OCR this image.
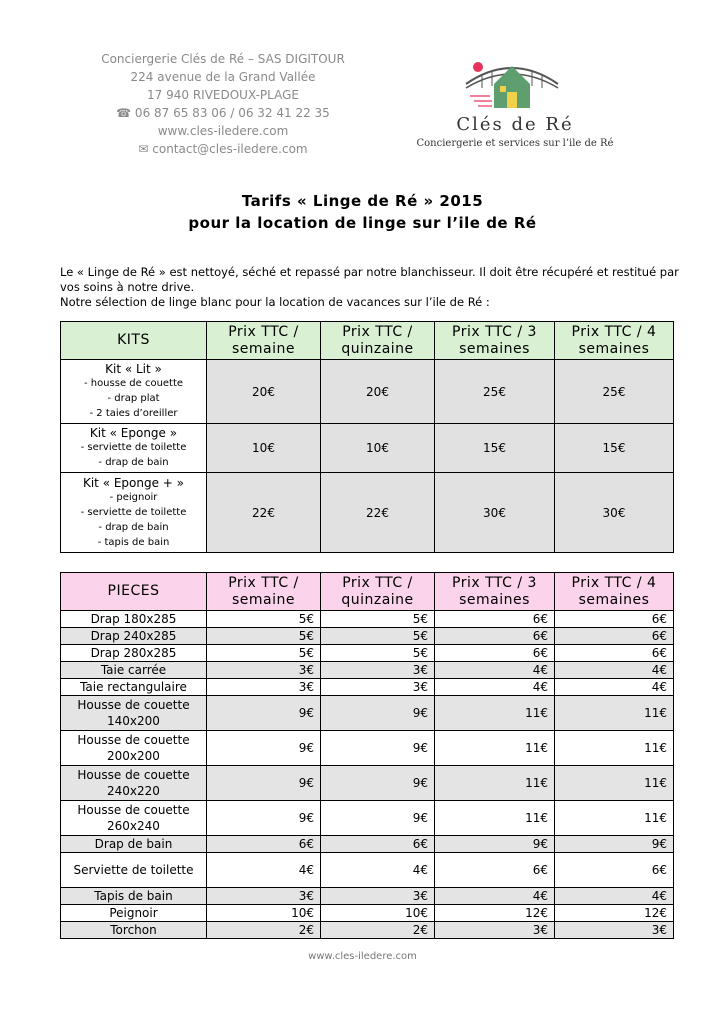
Conciergerie Clés de Ré – SAS DIGITOUR
224 avenue de la Grand Vallée
17 940 RIVEDOUX-PLAGE
☎ 06 87 65 83 06 / 06 32 41 22 35
www.cles-iledere.com
✉ contact@cles-iledere.com
Clés de Ré
Conciergerie et services sur l’ile de Ré
Tarifs « Linge de Ré » 2015
pour la location de linge sur l’ile de Ré
Le « Linge de Ré » est nettoyé, séché et repassé par notre blanchisseur. Il doit être récupéré et restitué par vos soins à notre drive.
Notre sélection de linge blanc pour la location de vacances sur l’ile de Ré :
KITS	Prix TTC / semaine	Prix TTC / quinzaine	Prix TTC / 3 semaines	Prix TTC / 4 semaines

Kit « Lit »
- housse de couette
- drap plat
- 2 taies d’oreiller	20€	20€	25€	25€

Kit « Eponge »
- serviette de toilette
- drap de bain	10€	10€	15€	15€

Kit « Eponge + »
- peignoir
- serviette de toilette
- drap de bain
- tapis de bain	22€	22€	30€	30€
PIECES	Prix TTC / semaine	Prix TTC / quinzaine	Prix TTC / 3 semaines	Prix TTC / 4 semaines
Drap 180x285	5€	5€	6€	6€
Drap 240x285	5€	5€	6€	6€
Drap 280x285	5€	5€	6€	6€
Taie carrée	3€	3€	4€	4€
Taie rectangulaire	3€	3€	4€	4€
Housse de couette 140x200	9€	9€	11€	11€
Housse de couette 200x200	9€	9€	11€	11€
Housse de couette 240x220	9€	9€	11€	11€
Housse de couette 260x240	9€	9€	11€	11€
Drap de bain	6€	6€	9€	9€
Serviette de toilette	4€	4€	6€	6€
Tapis de bain	3€	3€	4€	4€
Peignoir	10€	10€	12€	12€
Torchon	2€	2€	3€	3€
www.cles-iledere.com
